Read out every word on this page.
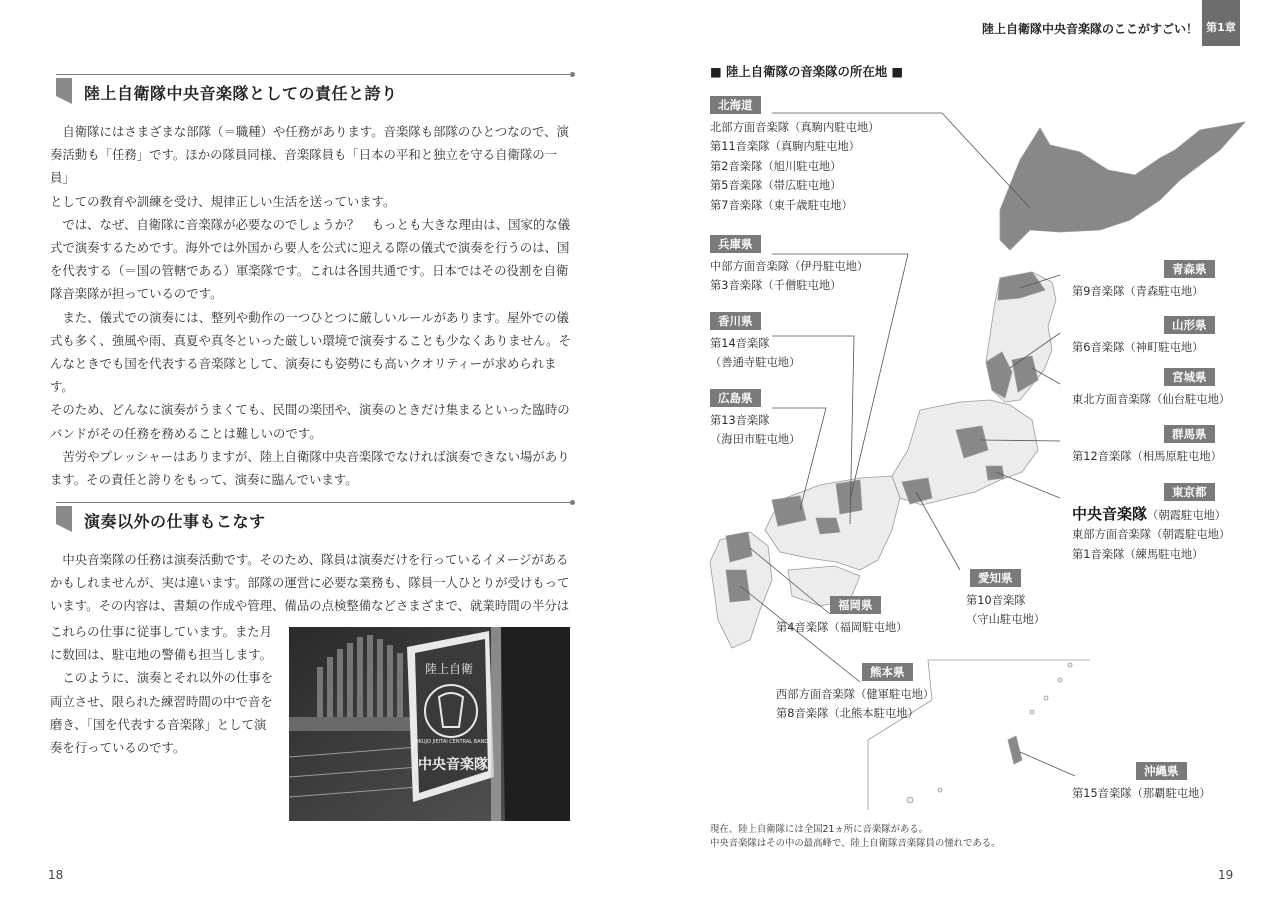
陸上自衛隊中央音楽隊としての責任と誇り
　自衛隊にはさまざまな部隊（＝職種）や任務があります。音楽隊も部隊のひとつなので、演
奏活動も「任務」です。ほかの隊員同様、音楽隊員も「日本の平和と独立を守る自衛隊の一員」
としての教育や訓練を受け、規律正しい生活を送っています。
　では、なぜ、自衛隊に音楽隊が必要なのでしょうか？　もっとも大きな理由は、国家的な儀
式で演奏するためです。海外では外国から要人を公式に迎える際の儀式で演奏を行うのは、国
を代表する（＝国の管轄である）軍楽隊です。これは各国共通です。日本ではその役割を自衛
隊音楽隊が担っているのです。
　また、儀式での演奏には、整列や動作の一つひとつに厳しいルールがあります。屋外での儀
式も多く、強風や雨、真夏や真冬といった厳しい環境で演奏することも少なくありません。そ
んなときでも国を代表する音楽隊として、演奏にも姿勢にも高いクオリティーが求められます。
そのため、どんなに演奏がうまくても、民間の楽団や、演奏のときだけ集まるといった臨時の
バンドがその任務を務めることは難しいのです。
　苦労やプレッシャーはありますが、陸上自衛隊中央音楽隊でなければ演奏できない場があり
ます。その責任と誇りをもって、演奏に臨んでいます。
演奏以外の仕事もこなす
　中央音楽隊の任務は演奏活動です。そのため、隊員は演奏だけを行っているイメージがある
かもしれませんが、実は違います。部隊の運営に必要な業務も、隊員一人ひとりが受けもって
います。その内容は、書類の作成や管理、備品の点検整備などさまざまで、就業時間の半分は
これらの仕事に従事しています。また月
に数回は、駐屯地の警備も担当します。
　このように、演奏とそれ以外の仕事を
両立させ、限られた練習時間の中で音を
磨き、「国を代表する音楽隊」として演
奏を行っているのです。
陸上自衛
RIKUJO JIEITAI CENTRAL BAND
中央音楽隊
18
陸上自衛隊中央音楽隊のここがすごい！ 第1章
■ 陸上自衛隊の音楽隊の所在地 ■
北海道
北部方面音楽隊（真駒内駐屯地）
第11音楽隊（真駒内駐屯地）
第2音楽隊（旭川駐屯地）
第5音楽隊（帯広駐屯地）
第7音楽隊（東千歳駐屯地）
兵庫県
中部方面音楽隊（伊丹駐屯地）
第3音楽隊（千僧駐屯地）
香川県
第14音楽隊
（善通寺駐屯地）
広島県
第13音楽隊
（海田市駐屯地）
青森県
第9音楽隊（青森駐屯地）
山形県
第6音楽隊（神町駐屯地）
宮城県
東北方面音楽隊（仙台駐屯地）
群馬県
第12音楽隊（相馬原駐屯地）
東京都
中央音楽隊（朝霞駐屯地）
東部方面音楽隊（朝霞駐屯地）
第1音楽隊（練馬駐屯地）
愛知県
第10音楽隊
（守山駐屯地）
福岡県
第4音楽隊（福岡駐屯地）
熊本県
西部方面音楽隊（健軍駐屯地）
第8音楽隊（北熊本駐屯地）
沖縄県
第15音楽隊（那覇駐屯地）
現在、陸上自衛隊には全国21ヵ所に音楽隊がある。
中央音楽隊はその中の最高峰で、陸上自衛隊音楽隊員の憧れである。
19
